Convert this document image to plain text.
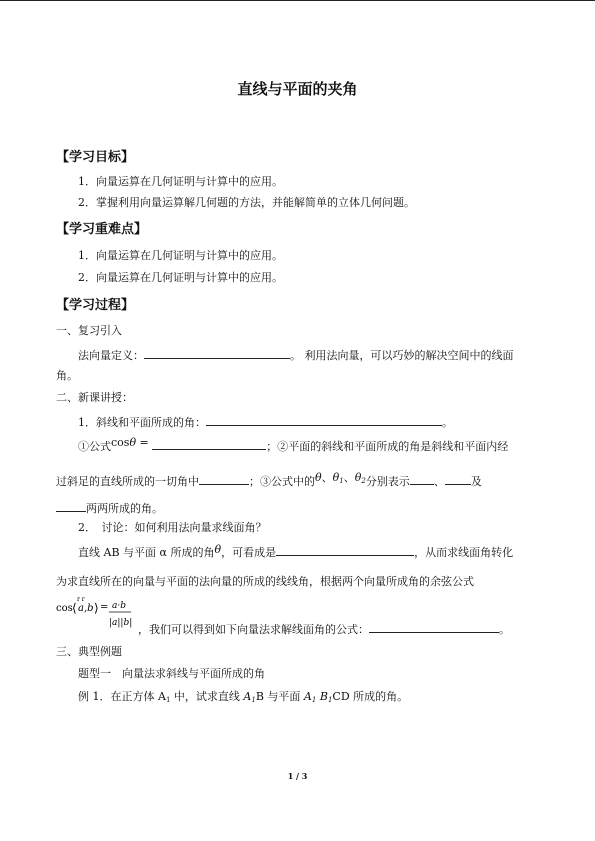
直线与平面的夹角
【学习目标】
1．向量运算在几何证明与计算中的应用。
2．掌握利用向量运算解几何题的方法，并能解简单的立体几何问题。
【学习重难点】
1．向量运算在几何证明与计算中的应用。
2．向量运算在几何证明与计算中的应用。
【学习过程】
一、复习引入
法向量定义：	。 利用法向量，可以巧妙的解决空间中的线面
角。
二、新课讲授：
1．斜线和平面所成的角：	。
①公式cosθ =	；②平面的斜线和平面所成的角是斜线和平面内经
过斜足的直线所成的一切角中	；③公式中的θ、$\theta_1$、$\theta_2$分别表示 、 及
两两所成的角。
2．　讨论：如何利用法向量求线面角？
直线 AB 与平面 α 所成的角θ，可看成是	，从而求线面角转化
为求直线所在的向量与平面的法向量的所成的线线角，根据两个向量所成角的余弦公式
cos ⟨
r r
a,b ⟩ = a·b
|a||b| ，我们可以得到如下向量法求解线面角的公式：	。
三、典型例题
题型一　向量法求斜线与平面所成的角
例 1．在正方体 $A_1$ 中，试求直线 $A_1B$ 与平面 $A_1$ $B_1CD$ 所成的角。
1 / 3
